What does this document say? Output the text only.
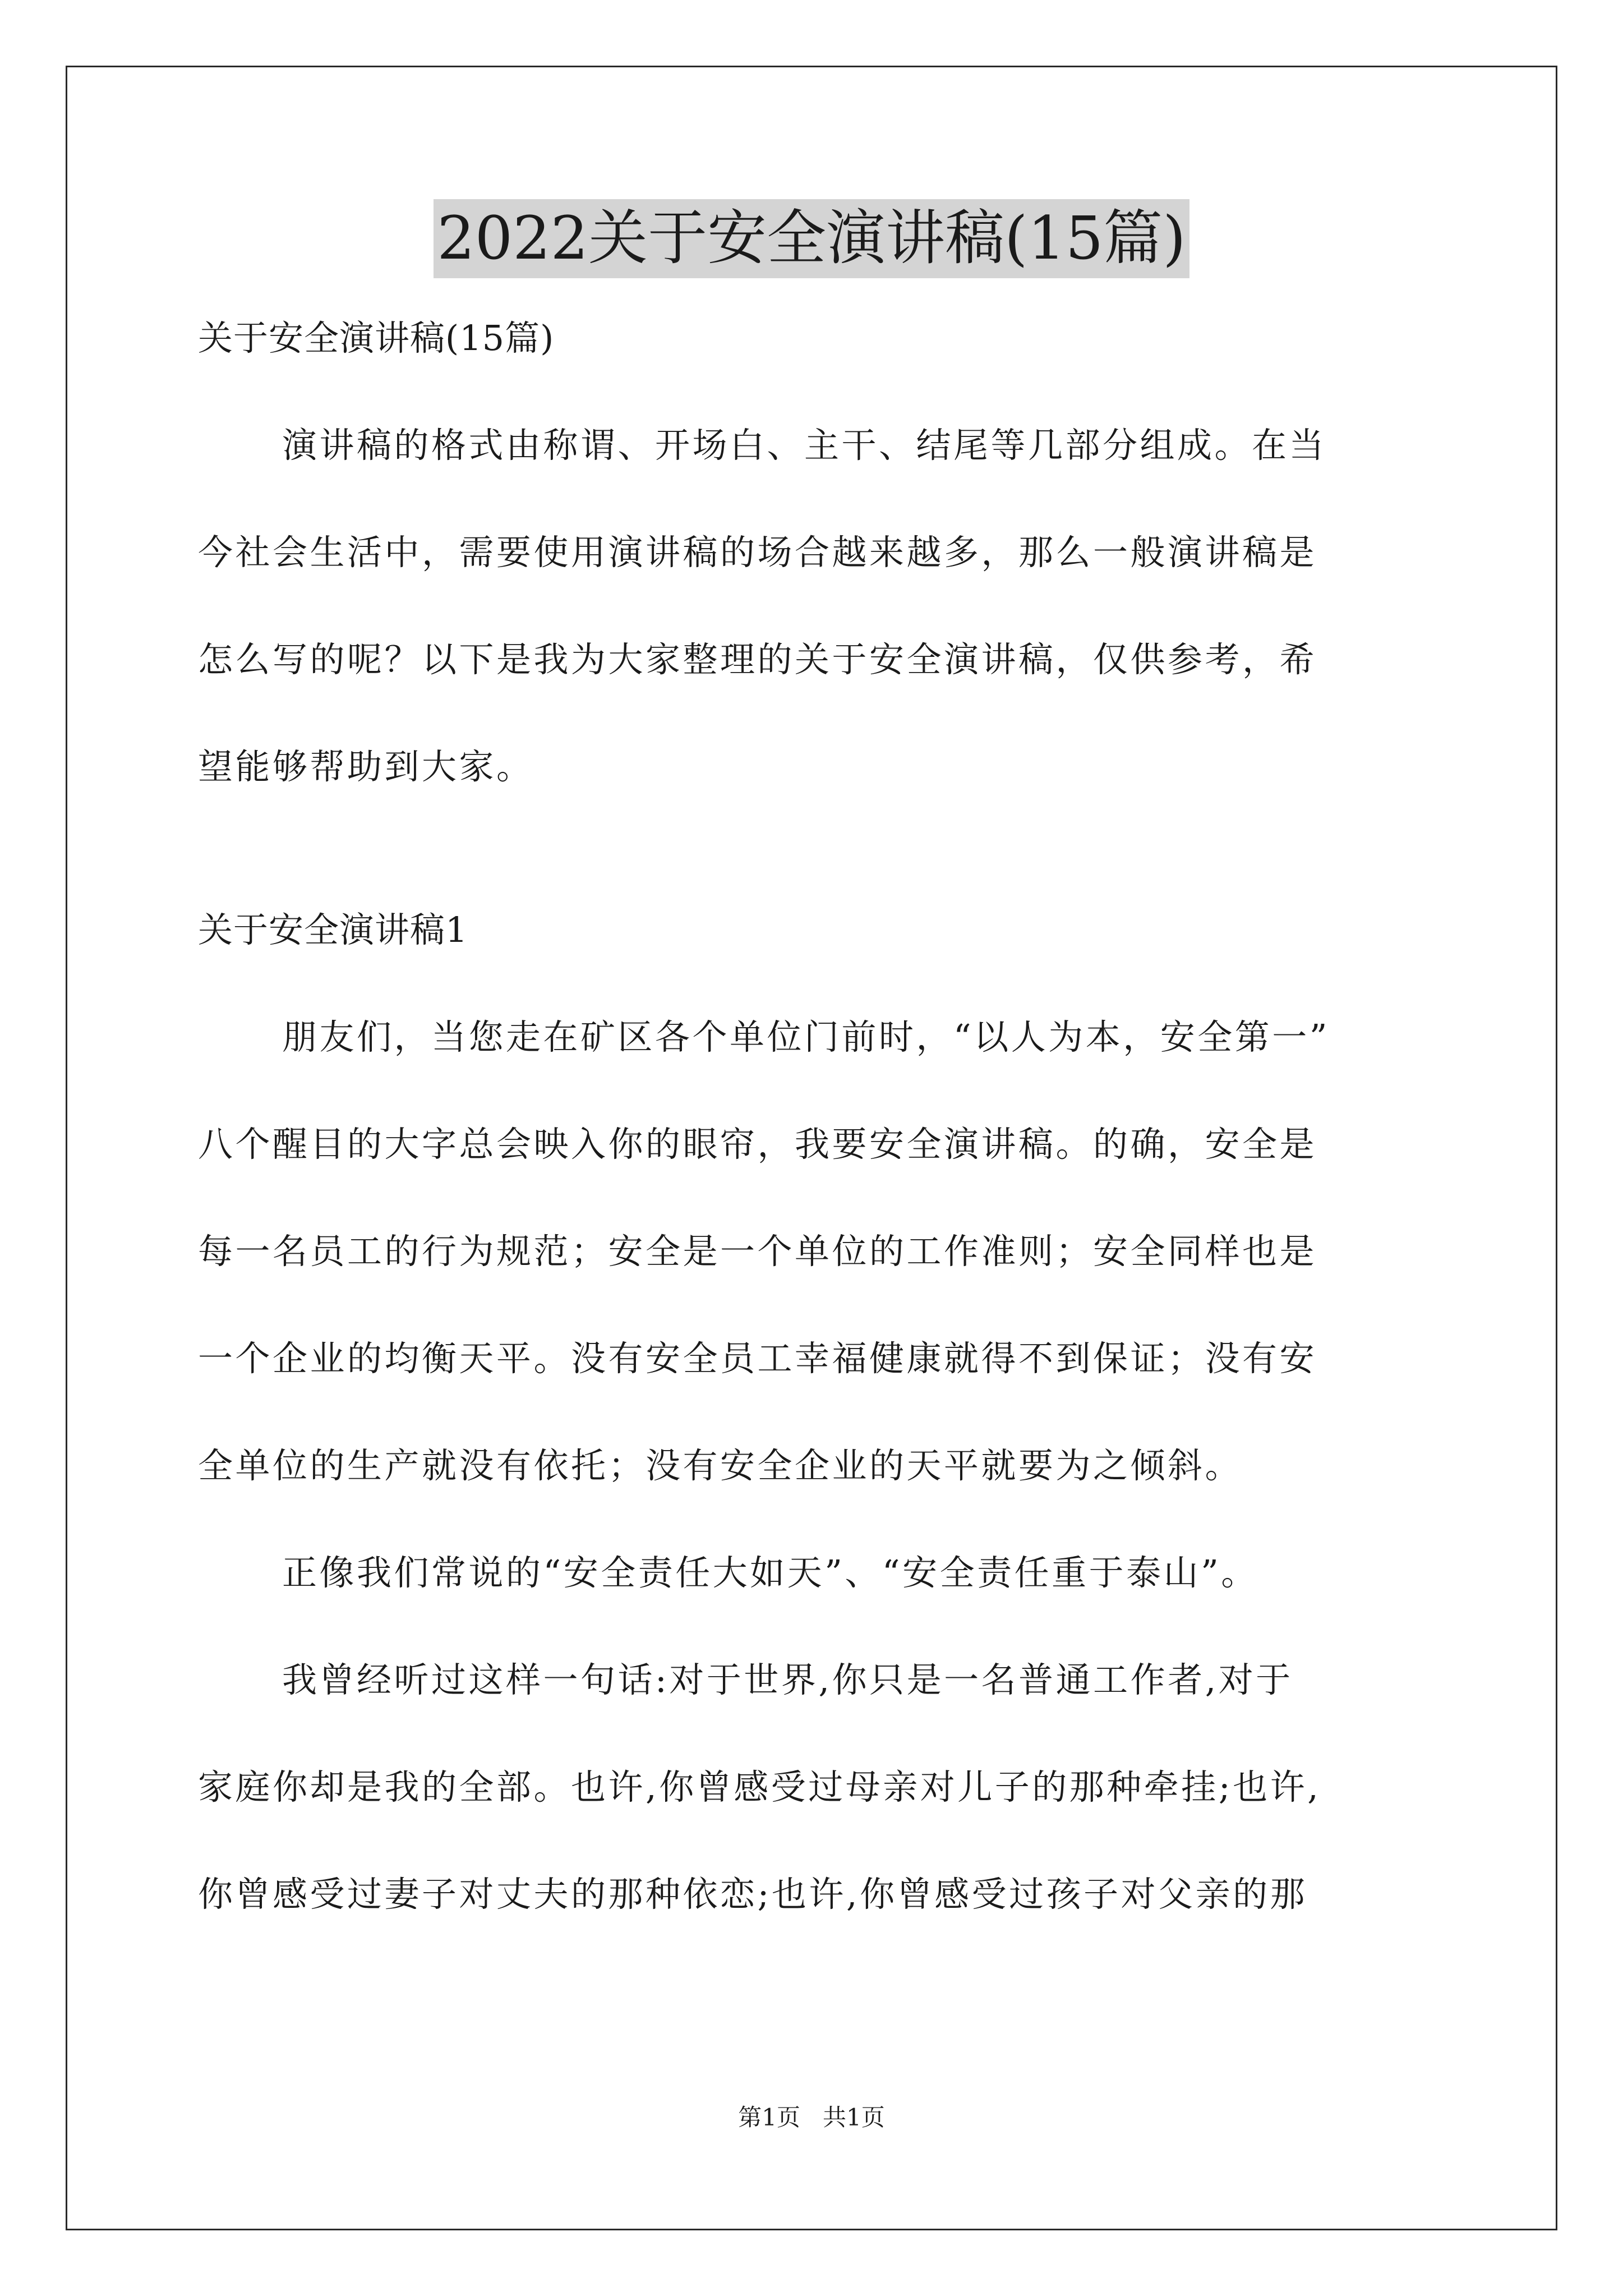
2022关于安全演讲稿(15篇)
关于安全演讲稿(15篇)
演讲稿的格式由称谓、开场白、主干、结尾等几部分组成。在当
今社会生活中，需要使用演讲稿的场合越来越多，那么一般演讲稿是
怎么写的呢？以下是我为大家整理的关于安全演讲稿，仅供参考，希
望能够帮助到大家。
关于安全演讲稿1
朋友们，当您走在矿区各个单位门前时，“以人为本，安全第一”
八个醒目的大字总会映入你的眼帘，我要安全演讲稿。的确，安全是
每一名员工的行为规范；安全是一个单位的工作准则；安全同样也是
一个企业的均衡天平。没有安全员工幸福健康就得不到保证；没有安
全单位的生产就没有依托；没有安全企业的天平就要为之倾斜。
正像我们常说的“安全责任大如天”、“安全责任重于泰山”。
我曾经听过这样一句话:对于世界,你只是一名普通工作者,对于
家庭你却是我的全部。也许,你曾感受过母亲对儿子的那种牵挂;也许,
你曾感受过妻子对丈夫的那种依恋;也许,你曾感受过孩子对父亲的那
第1页   共1页
